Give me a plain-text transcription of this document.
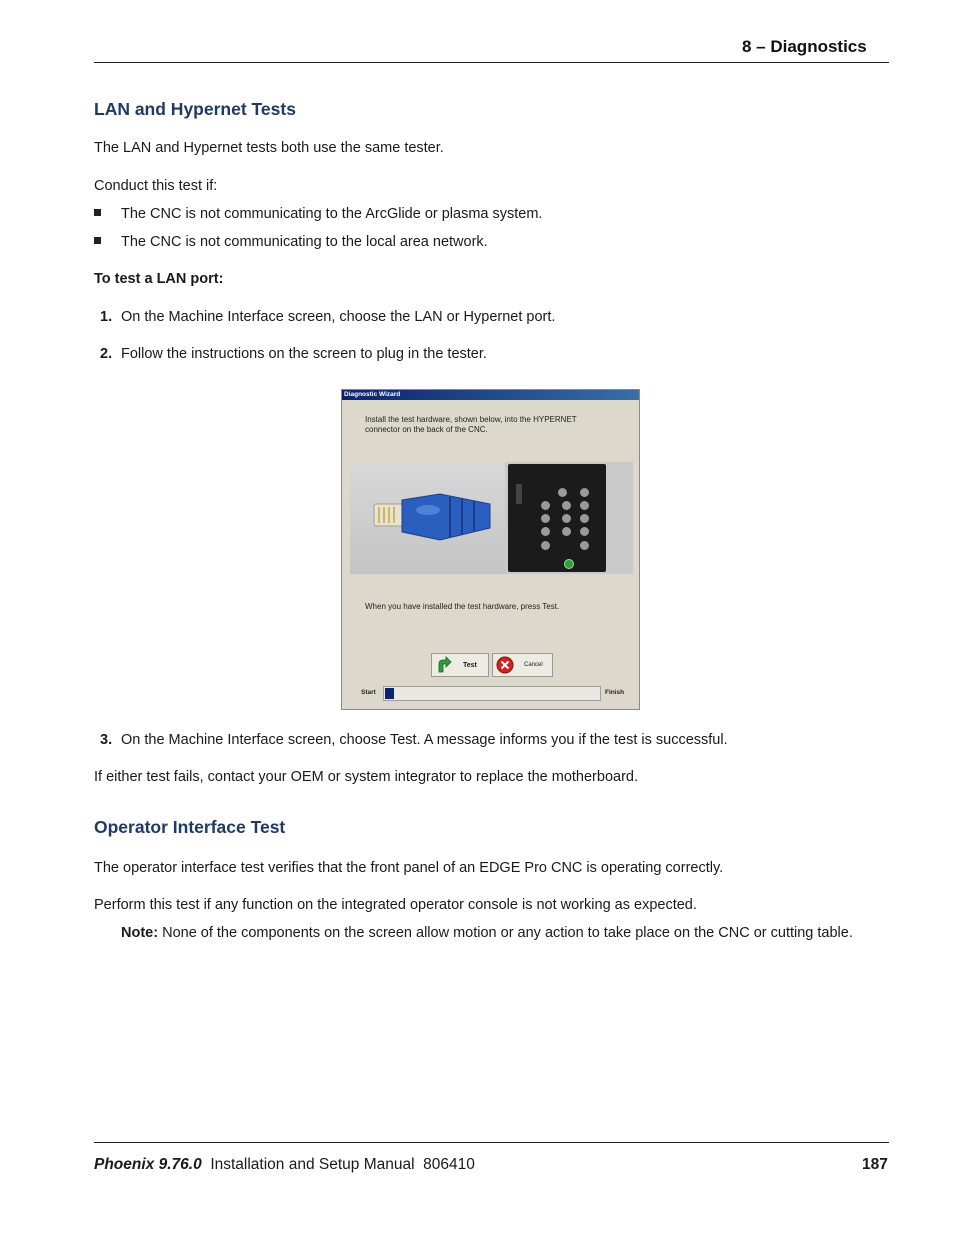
8 – Diagnostics
LAN and Hypernet Tests
The LAN and Hypernet tests both use the same tester.
Conduct this test if:
The CNC is not communicating to the ArcGlide or plasma system.
The CNC is not communicating to the local area network.
To test a LAN port:
1. On the Machine Interface screen, choose the LAN or Hypernet port.
2. Follow the instructions on the screen to plug in the tester.
Diagnostic Wizard
Install the test hardware, shown below, into the HYPERNET
connector on the back of the CNC.
When you have installed the test hardware, press Test.
Test	Cancel
Start	Finish
3. On the Machine Interface screen, choose Test. A message informs you if the test is successful.
If either test fails, contact your OEM or system integrator to replace the motherboard.
Operator Interface Test
The operator interface test verifies that the front panel of an EDGE Pro CNC is operating correctly.
Perform this test if any function on the integrated operator console is not working as expected.
Note: None of the components on the screen allow motion or any action to take place on the CNC or cutting table.
Phoenix 9.76.0  Installation and Setup Manual  806410	187
